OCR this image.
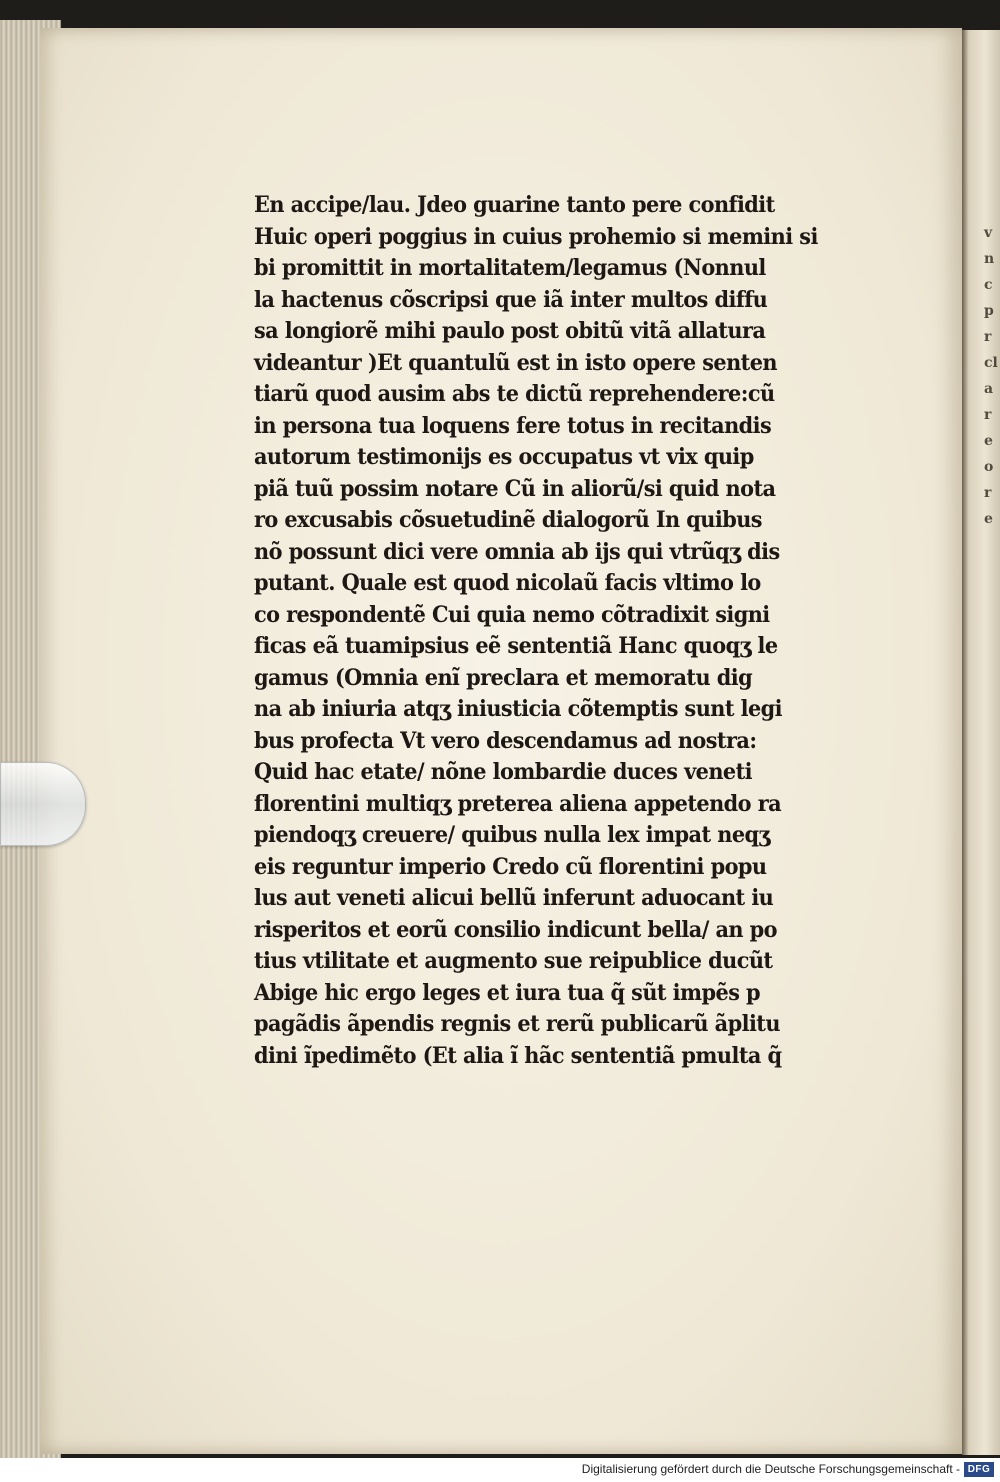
vn
c
pr
cl
a
re
o
r
e
En accipe/lau. Jdeo guarine tanto pere confidit
Huic operi poggius in cuius prohemio si memini si
bi promittit in mortalitatem/legamus (Nonnul
la hactenus cõscripsi que iã inter multos diffu
sa longiorẽ mihi paulo post obitũ vitã allatura
videantur )Et quantulũ est in isto opere senten
tiarũ quod ausim abs te dictũ reprehendere:cũ
in persona tua loquens fere totus in recitandis
autorum testimonijs es occupatus vt vix quip
piã tuũ possim notare Cũ in aliorũ/si quid nota
ro excusabis cõsuetudinẽ dialogorũ In quibus
nõ possunt dici vere omnia ab ijs qui vtrũqʒ dis
putant. Quale est quod nicolaũ facis vltimo lo
co respondentẽ Cui quia nemo cõtradixit signi
ficas eã tuamipsius eẽ sententiã Hanc quoqʒ le
gamus (Omnia enĩ preclara et memoratu dig
na ab iniuria atqʒ iniusticia cõtemptis sunt legi
bus profecta Vt vero descendamus ad nostra:
Quid hac etate/ nõne lombardie duces veneti
florentini multiqʒ preterea aliena appetendo ra
piendoqʒ creuere/ quibus nulla lex impat neqʒ
eis reguntur imperio Credo cũ florentini popu
lus aut veneti alicui bellũ inferunt aduocant iu
risperitos et eorũ consilio indicunt bella/ an po
tius vtilitate et augmento sue reipublice ducũt
Abige hic ergo leges et iura tua q̃ sũt impẽs p
pagãdis ãpendis regnis et rerũ publicarũ ãplitu
dini ĩpedimẽto (Et alia ĩ hãc sententiã pmulta q̃
Digitalisierung gefördert durch die Deutsche Forschungsgemeinschaft - DFG
